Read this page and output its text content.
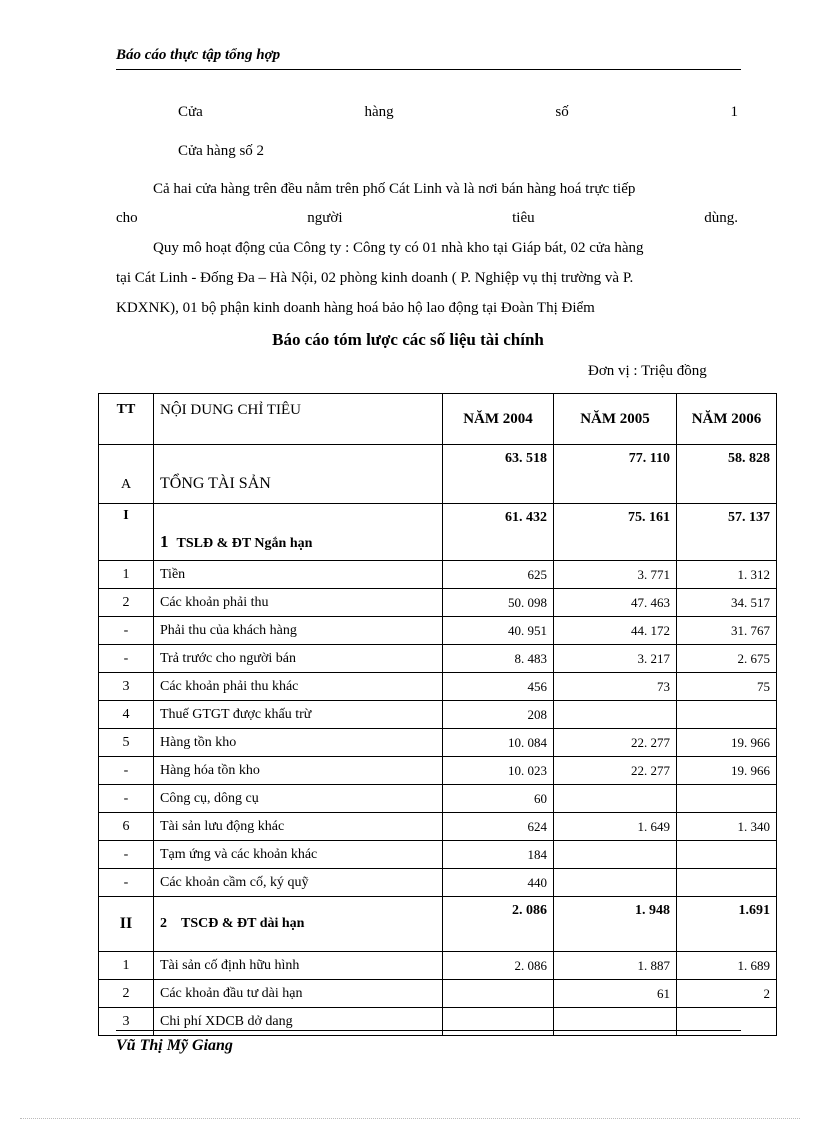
Báo cáo thực tập tổng hợp
Cửa	hàng	số	1
Cửa hàng số 2
Cả hai cửa hàng trên đều nằm trên phố Cát Linh và là nơi bán hàng hoá trực tiếp
cho	người	tiêu	dùng.
Quy mô hoạt động của Công ty : Công ty có 01 nhà kho tại Giáp bát, 02 cửa hàng
tại Cát Linh - Đống Đa – Hà Nội, 02 phòng kinh doanh ( P. Nghiệp vụ thị trường và P.
KDXNK), 01 bộ phận kinh doanh hàng hoá bảo hộ lao động tại Đoàn Thị Điểm
Báo cáo tóm lược các số liệu tài chính
Đơn vị : Triệu đồng
TT	NỘI DUNG CHỈ TIÊU	NĂM 2004	NĂM 2005	NĂM 2006
A	TỔNG TÀI SẢN	63. 518	77. 110	58. 828
I	1 TSLĐ & ĐT Ngắn hạn	61. 432	75. 161	57. 137
1	Tiền	625	3. 771	1. 312
2	Các khoản phải thu	50. 098	47. 463	34. 517
-	Phải thu của khách hàng	40. 951	44. 172	31. 767
-	Trả trước cho người bán	8. 483	3. 217	2. 675
3	Các khoản phải thu khác	456	73	75
4	Thuế GTGT được khấu trừ	208		
5	Hàng tồn kho	10. 084	22. 277	19. 966
-	Hàng hóa tồn kho	10. 023	22. 277	19. 966
-	Công cụ, dông cụ	60		
6	Tài sản lưu động khác	624	1. 649	1. 340
-	Tạm ứng và các khoản khác	184		
-	Các khoản cầm cố, ký quỹ	440		
II	2 TSCĐ & ĐT dài hạn	2. 086	1. 948	1.691
1	Tài sản cố định hữu hình	2. 086	1. 887	1. 689
2	Các khoản đầu tư dài hạn		61	2
3	Chi phí XDCB dở dang			
Vũ Thị Mỹ Giang
